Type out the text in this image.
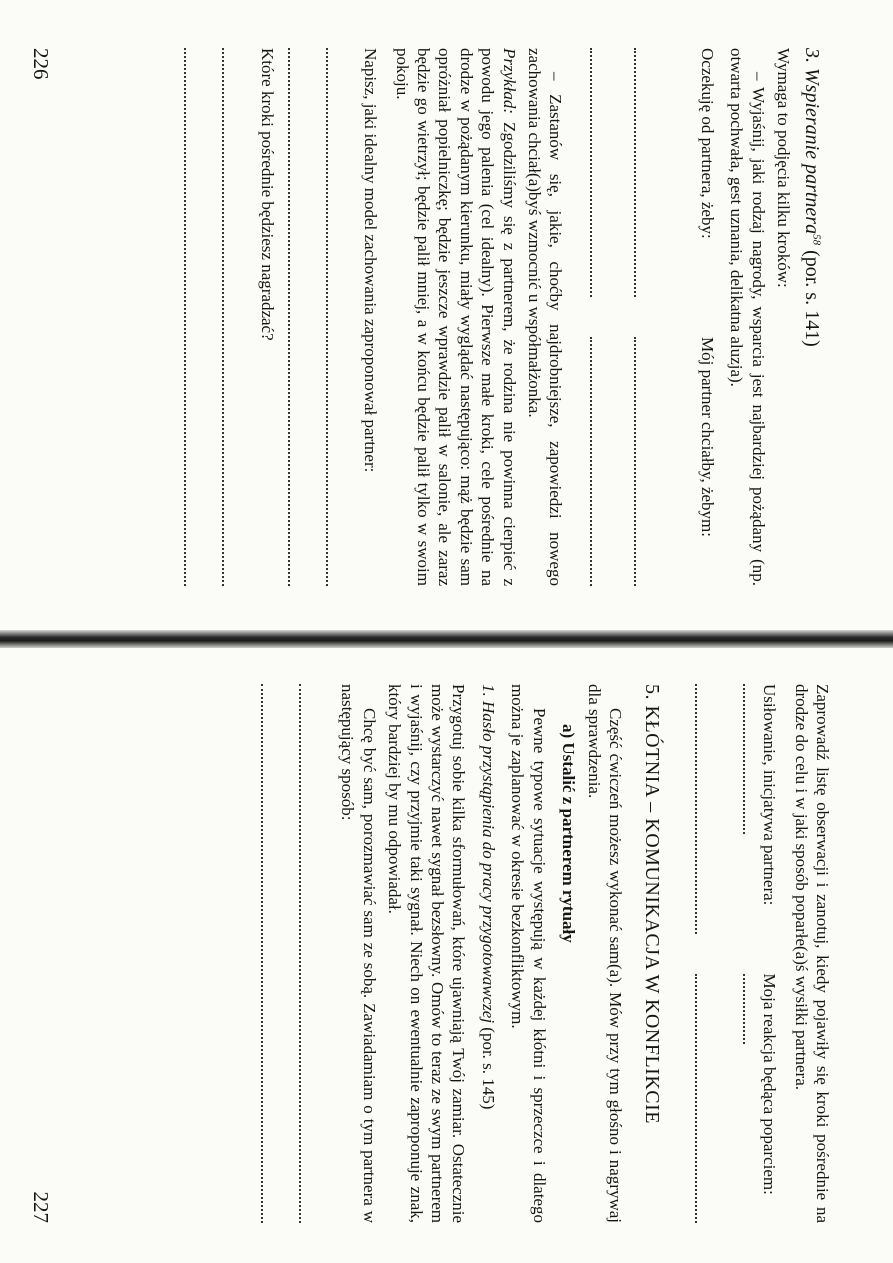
3. Wspieranie partnera$^{58}$ (por. s. 141)

Wymaga to podjęcia kilku kroków:

– Wyjaśnij, jaki rodzaj nagrody, wsparcia jest najbardziej pożądany (np. otwarta pochwała, gest uznania, delikatna aluzja).

Oczekuję od partnera, żeby:
Mój partner chciałby, żebym:

– Zastanów się, jakie, choćby najdrobniejsze, zapowiedzi nowego zachowania chciał(a)byś wzmocnić u współmałżonka.

Przykład: Zgodziliśmy się z partnerem, że rodzina nie powinna cierpieć z powodu jego palenia (cel idealny). Pierwsze małe kroki, cele pośrednie na drodze w pożądanym kierunku, miały wyglądać następująco: mąż będzie sam opróżniał popielniczkę; będzie jeszcze wprawdzie palił w salonie, ale zaraz będzie go wietrzył; będzie palił mniej, a w końcu będzie palił tylko w swoim pokoju.

Napisz, jaki idealny model zachowania zaproponował partner:

Które kroki pośrednie będziesz nagradzać?

226

Zaprowadź listę obserwacji i zanotuj, kiedy pojawiły się kroki pośrednie na drodze do celu i w jaki sposób poparłe(a)ś wysiłki partnera.

Usiłowanie, inicjatywa partnera:
Moja reakcja będąca poparciem:
5. KŁÓTNIA – KOMUNIKACJA W KONFLIKCIE

Część ćwiczeń możesz wykonać sam(a). Mów przy tym głośno i nagrywaj dla sprawdzenia.

a) Ustalić z partnerem rytuały

Pewne typowe sytuacje występują w każdej kłótni i sprzeczce i dlatego można je zaplanować w okresie bezkonfliktowym.

1. Hasło przystąpienia do pracy przygotowawczej (por. s. 145)

Przygotuj sobie kilka sformułowań, które ujawniają Twój zamiar. Ostatecznie może wystarczyć nawet sygnał bezsłowny. Omów to teraz ze swym partnerem i wyjaśnij, czy przyjmie taki sygnał. Niech on ewentualnie zaproponuje znak, który bardziej by mu odpowiadał.

Chcę być sam, porozmawiać sam ze sobą. Zawiadamiam o tym partnera w następujący sposób:

227
